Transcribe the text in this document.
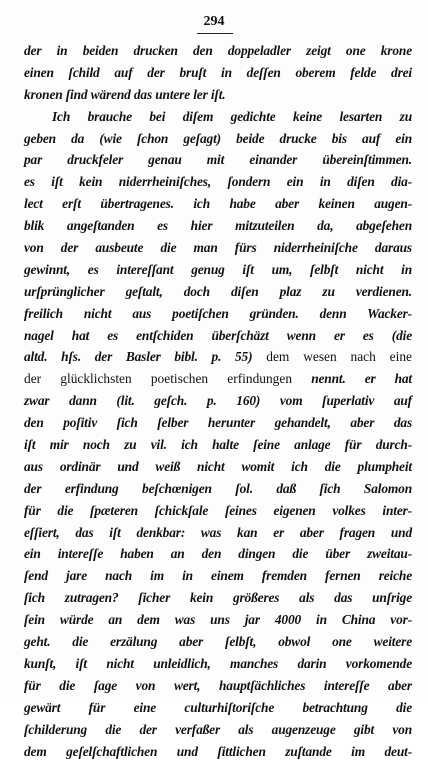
294
der in beiden drucken den doppeladler zeigt one krone
einen ſchild auf der bruſt in deſſen oberem felde drei
kronen ſind wärend das untere ler iſt.
Ich brauche bei diſem gedichte keine lesarten zu
geben da (wie ſchon geſagt) beide drucke bis auf ein
par druckfeler genau mit einander übereinſtimmen.
es iſt kein niderrheiniſches, ſondern ein in diſen dia-
lect erſt übertragenes. ich habe aber keinen augen-
blik angeſtanden es hier mitzuteilen da, abgeſehen
von der ausbeute die man fürs niderrheiniſche daraus
gewinnt, es intereſſant genug iſt um, ſelbſt nicht in
urſprünglicher geſtalt, doch diſen plaz zu verdienen.
freilich nicht aus poetiſchen gründen. denn Wacker-
nagel hat es entſchiden überſchäzt wenn er es (die
altd. hſs. der Basler bibl. p. 55) dem wesen nach eine
der glücklichsten poetischen erfindungen nennt. er hat
zwar dann (lit. geſch. p. 160) vom ſuperlativ auf
den poſitiv ſich ſelber herunter gehandelt, aber das
iſt mir noch zu vil. ich halte ſeine anlage für durch-
aus ordinär und weiß nicht womit ich die plumpheit
der erfindung beſchœnigen ſol. daß ſich Salomon
für die ſpæteren ſchickſale ſeines eigenen volkes inter-
eſſiert, das iſt denkbar: was kan er aber fragen und
ein intereſſe haben an den dingen die über zweitau-
ſend jare nach im in einem fremden fernen reiche
ſich zutragen? ſicher kein größeres als das unſrige
ſein würde an dem was uns jar 4000 in China vor-
geht. die erzälung aber ſelbſt, obwol one weitere
kunſt, iſt nicht unleidlich, manches darin vorkomende
für die ſage von wert, hauptſächliches intereſſe aber
gewärt für eine culturhiſtoriſche betrachtung die
ſchilderung die der verfaßer als augenzeuge gibt von
dem geſelſchaftlichen und ſittlichen zuſtande im deut-
